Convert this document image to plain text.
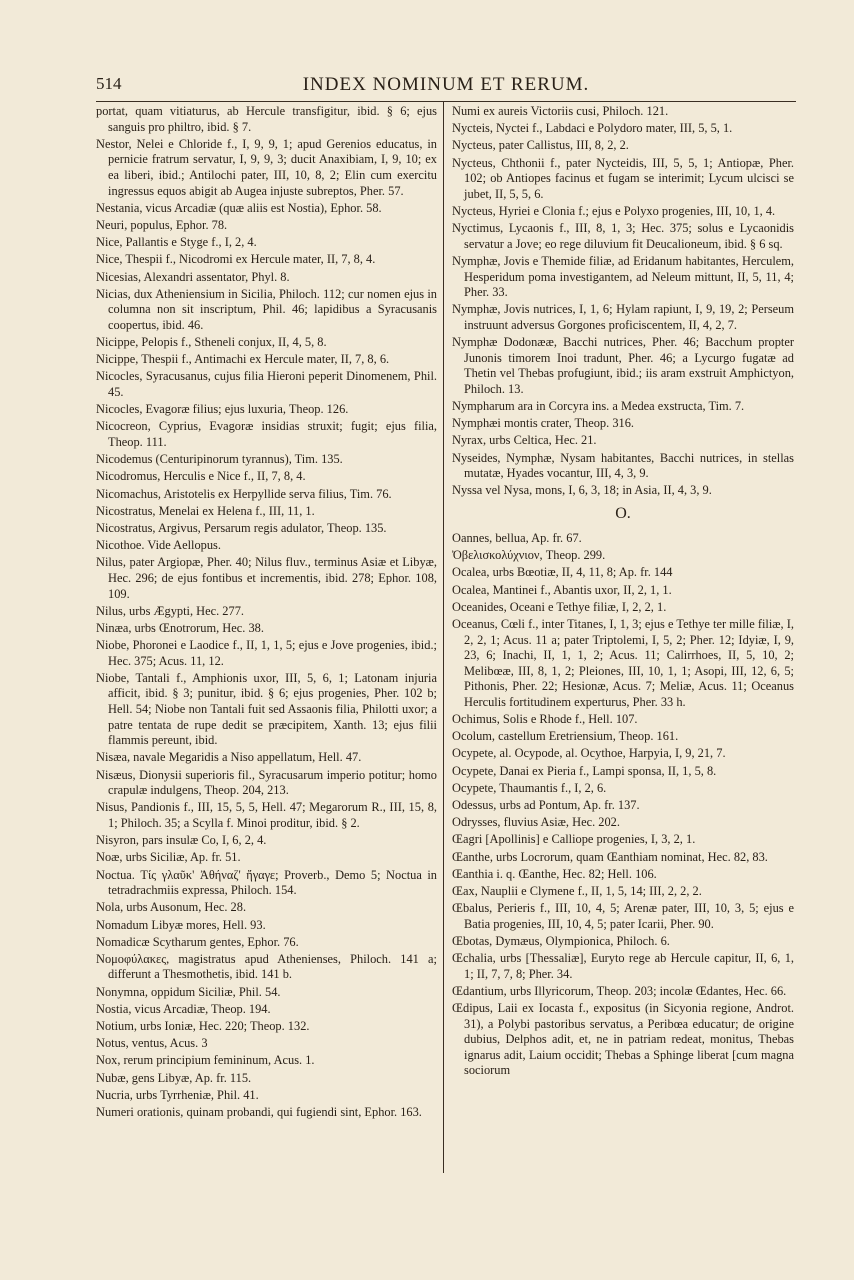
514	INDEX NOMINUM ET RERUM.

portat, quam vitiaturus, ab Hercule transfigitur, ibid. § 6; ejus sanguis pro philtro, ibid. § 7.

Nestor, Nelei e Chloride f., I, 9, 9, 1; apud Gerenios educatus, in pernicie fratrum servatur, I, 9, 9, 3; ducit Anaxibiam, I, 9, 10; ex ea liberi, ibid.; Antilochi pater, III, 10, 8, 2; Elin cum exercitu ingressus equos abigit ab Augea injuste subreptos, Pher. 57.

Nestania, vicus Arcadiæ (quæ aliis est Nostia), Ephor. 58.

Neuri, populus, Ephor. 78.

Nice, Pallantis e Styge f., I, 2, 4.

Nice, Thespii f., Nicodromi ex Hercule mater, II, 7, 8, 4.

Nicesias, Alexandri assentator, Phyl. 8.

Nicias, dux Atheniensium in Sicilia, Philoch. 112; cur nomen ejus in columna non sit inscriptum, Phil. 46; lapidibus a Syracusanis coopertus, ibid. 46.

Nicippe, Pelopis f., Stheneli conjux, II, 4, 5, 8.

Nicippe, Thespii f., Antimachi ex Hercule mater, II, 7, 8, 6.

Nicocles, Syracusanus, cujus filia Hieroni peperit Dinomenem, Phil. 45.

Nicocles, Evagoræ filius; ejus luxuria, Theop. 126.

Nicocreon, Cyprius, Evagoræ insidias struxit; fugit; ejus filia, Theop. 111.

Nicodemus (Centuripinorum tyrannus), Tim. 135.

Nicodromus, Herculis e Nice f., II, 7, 8, 4.

Nicomachus, Aristotelis ex Herpyllide serva filius, Tim. 76.

Nicostratus, Menelai ex Helena f., III, 11, 1.

Nicostratus, Argivus, Persarum regis adulator, Theop. 135.

Nicothoe. Vide Aellopus.

Nilus, pater Argiopæ, Pher. 40; Nilus fluv., terminus Asiæ et Libyæ, Hec. 296; de ejus fontibus et incrementis, ibid. 278; Ephor. 108, 109.

Nilus, urbs Ægypti, Hec. 277.

Ninæa, urbs Œnotrorum, Hec. 38.

Niobe, Phoronei e Laodice f., II, 1, 1, 5; ejus e Jove progenies, ibid.; Hec. 375; Acus. 11, 12.

Niobe, Tantali f., Amphionis uxor, III, 5, 6, 1; Latonam injuria afficit, ibid. § 3; punitur, ibid. § 6; ejus progenies, Pher. 102 b; Hell. 54; Niobe non Tantali fuit sed Assaonis filia, Philotti uxor; a patre tentata de rupe dedit se præcipitem, Xanth. 13; ejus filii flammis pereunt, ibid.

Nisæa, navale Megaridis a Niso appellatum, Hell. 47.

Nisæus, Dionysii superioris fil., Syracusarum imperio potitur; homo crapulæ indulgens, Theop. 204, 213.

Nisus, Pandionis f., III, 15, 5, 5, Hell. 47; Megarorum R., III, 15, 8, 1; Philoch. 35; a Scylla f. Minoi proditur, ibid. § 2.

Nisyron, pars insulæ Co, I, 6, 2, 4.

Noæ, urbs Siciliæ, Ap. fr. 51.

Noctua. Τίς γλαῦκ' Ἀθήναζ' ἤγαγε; Proverb., Demo 5; Noctua in tetradrachmiis expressa, Philoch. 154.

Nola, urbs Ausonum, Hec. 28.

Nomadum Libyæ mores, Hell. 93.

Nomadicæ Scytharum gentes, Ephor. 76.

Νομοφύλακες, magistratus apud Athenienses, Philoch. 141 a; differunt a Thesmothetis, ibid. 141 b.

Nonymna, oppidum Siciliæ, Phil. 54.

Nostia, vicus Arcadiæ, Theop. 194.

Notium, urbs Ioniæ, Hec. 220; Theop. 132.

Notus, ventus, Acus. 3

Nox, rerum principium femininum, Acus. 1.

Nubæ, gens Libyæ, Ap. fr. 115.

Nucria, urbs Tyrrheniæ, Phil. 41.

Numeri orationis, quinam probandi, qui fugiendi sint, Ephor. 163.

Numi ex aureis Victoriis cusi, Philoch. 121.

Nycteis, Nyctei f., Labdaci e Polydoro mater, III, 5, 5, 1.

Nycteus, pater Callistus, III, 8, 2, 2.

Nycteus, Chthonii f., pater Nycteidis, III, 5, 5, 1; Antiopæ, Pher. 102; ob Antiopes facinus et fugam se interimit; Lycum ulcisci se jubet, II, 5, 5, 6.

Nycteus, Hyriei e Clonia f.; ejus e Polyxo progenies, III, 10, 1, 4.

Nyctimus, Lycaonis f., III, 8, 1, 3; Hec. 375; solus e Lycaonidis servatur a Jove; eo rege diluvium fit Deucalioneum, ibid. § 6 sq.

Nymphæ, Jovis e Themide filiæ, ad Eridanum habitantes, Herculem, Hesperidum poma investigantem, ad Neleum mittunt, II, 5, 11, 4; Pher. 33.

Nymphæ, Jovis nutrices, I, 1, 6; Hylam rapiunt, I, 9, 19, 2; Perseum instruunt adversus Gorgones proficiscentem, II, 4, 2, 7.

Nymphæ Dodonææ, Bacchi nutrices, Pher. 46; Bacchum propter Junonis timorem Inoi tradunt, Pher. 46; a Lycurgo fugatæ ad Thetin vel Thebas profugiunt, ibid.; iis aram exstruit Amphictyon, Philoch. 13.

Nympharum ara in Corcyra ins. a Medea exstructa, Tim. 7.

Nymphæi montis crater, Theop. 316.

Nyrax, urbs Celtica, Hec. 21.

Nyseides, Nymphæ, Nysam habitantes, Bacchi nutrices, in stellas mutatæ, Hyades vocantur, III, 4, 3, 9.

Nyssa vel Nysa, mons, I, 6, 3, 18; in Asia, II, 4, 3, 9.

O.

Oannes, bellua, Ap. fr. 67.

Ὀβελισκολύχνιον, Theop. 299.

Ocalea, urbs Bœotiæ, II, 4, 11, 8; Ap. fr. 144

Ocalea, Mantinei f., Abantis uxor, II, 2, 1, 1.

Oceanides, Oceani e Tethye filiæ, I, 2, 2, 1.

Oceanus, Cœli f., inter Titanes, I, 1, 3; ejus e Tethye ter mille filiæ, I, 2, 2, 1; Acus. 11 a; pater Triptolemi, I, 5, 2; Pher. 12; Idyiæ, I, 9, 23, 6; Inachi, II, 1, 1, 2; Acus. 11; Calirrhoes, II, 5, 10, 2; Melibœæ, III, 8, 1, 2; Pleiones, III, 10, 1, 1; Asopi, III, 12, 6, 5; Pithonis, Pher. 22; Hesionæ, Acus. 7; Meliæ, Acus. 11; Oceanus Herculis fortitudinem experturus, Pher. 33 h.

Ochimus, Solis e Rhode f., Hell. 107.

Ocolum, castellum Eretriensium, Theop. 161.

Ocypete, al. Ocypode, al. Ocythoe, Harpyia, I, 9, 21, 7.

Ocypete, Danai ex Pieria f., Lampi sponsa, II, 1, 5, 8.

Ocypete, Thaumantis f., I, 2, 6.

Odessus, urbs ad Pontum, Ap. fr. 137.

Odrysses, fluvius Asiæ, Hec. 202.

Œagri [Apollinis] e Calliope progenies, I, 3, 2, 1.

Œanthe, urbs Locrorum, quam Œanthiam nominat, Hec. 82, 83.

Œanthia i. q. Œanthe, Hec. 82; Hell. 106.

Œax, Nauplii e Clymene f., II, 1, 5, 14; III, 2, 2, 2.

Œbalus, Perieris f., III, 10, 4, 5; Arenæ pater, III, 10, 3, 5; ejus e Batia progenies, III, 10, 4, 5; pater Icarii, Pher. 90.

Œbotas, Dymæus, Olympionica, Philoch. 6.

Œchalia, urbs [Thessaliæ], Euryto rege ab Hercule capitur, II, 6, 1, 1; II, 7, 7, 8; Pher. 34.

Œdantium, urbs Illyricorum, Theop. 203; incolæ Œdantes, Hec. 66.

Œdipus, Laii ex Iocasta f., expositus (in Sicyonia regione, Androt. 31), a Polybi pastoribus servatus, a Peribœa educatur; de origine dubius, Delphos adit, et, ne in patriam redeat, monitus, Thebas ignarus adit, Laium occidit; Thebas a Sphinge liberat [cum magna sociorum
